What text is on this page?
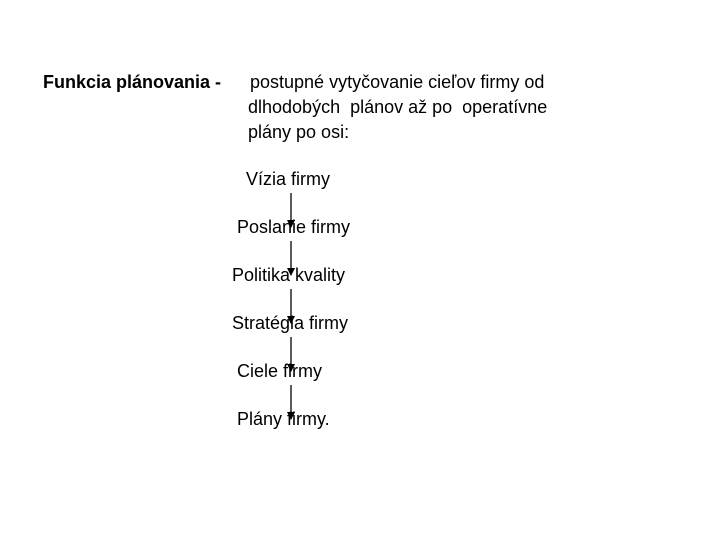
Funkcia plánovania - postupné vytyčovanie cieľov firmy od
dlhodobých  plánov až po  operatívne
plány po osi:
Vízia firmy
Poslanie firmy
Politika kvality
Stratégia firmy
Ciele firmy
Plány firmy.
